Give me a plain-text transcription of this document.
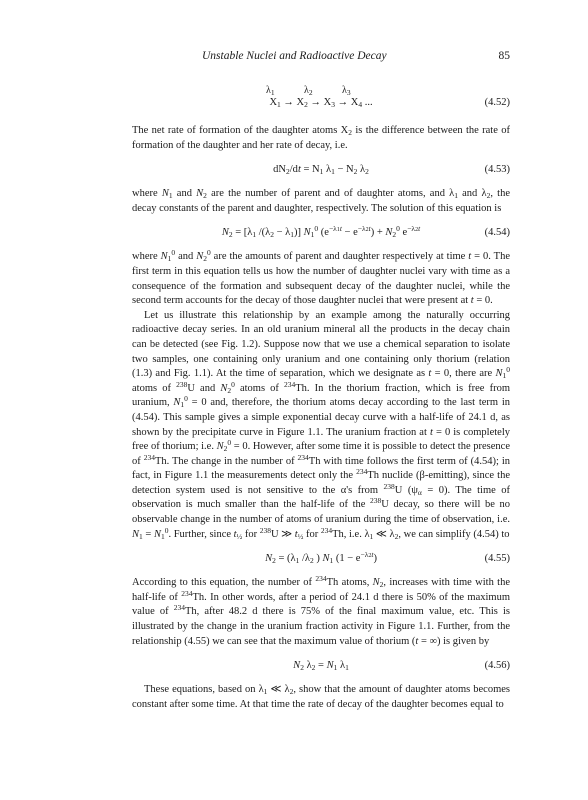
Unstable Nuclei and Radioactive Decay	85
λ1	λ2	λ3
$X_1 \to X_2 \to X_3 \to X_4$ ...	(4.52)

The net rate of formation of the daughter atoms $X_2$ is the difference between the rate of formation of the daughter and her rate of decay, i.e.

$dN_2/dt = N_1$ $\lambda_1 - N_2$ $\lambda_2$	(4.53)

where $N_1$ and $N_2$ are the number of parent and of daughter atoms, and $\lambda_1$ and $\lambda_2$, the decay constants of the parent and daughter, respectively. The solution of this equation is

$N_2 = [\lambda_1$ $/(\lambda_2 - \lambda_1)$] $N_1^0$ $(e^{-\lambda 1t} - e^{-\lambda 2t}) + N_2^0$ $e^{-\lambda 2t}$	(4.54)

where $N_1^0$ and $N_2^0$ are the amounts of parent and daughter respectively at time t = 0. The first term in this equation tells us how the number of daughter nuclei vary with time as a consequence of the formation and subsequent decay of the daughter nuclei, while the second term accounts for the decay of those daughter nuclei that were present at t = 0.

Let us illustrate this relationship by an example among the naturally occurring radioactive decay series. In an old uranium mineral all the products in the decay chain can be detected (see Fig. 1.2). Suppose now that we use a chemical separation to isolate two samples, one containing only uranium and one containing only thorium (relation (1.3) and Fig. 1.1). At the time of separation, which we designate as t = 0, there are $N_1^0$ atoms of $^{238}$U and $N_2^0$ atoms of $^{234}$Th. In the thorium fraction, which is free from uranium, $N_1^0 = 0$ and, therefore, the thorium atoms decay according to the last term in (4.54). This sample gives a simple exponential decay curve with a half-life of 24.1 d, as shown by the precipitate curve in Figure 1.1. The uranium fraction at t = 0 is completely free of thorium; i.e. $N_2^0 = 0$. However, after some time it is possible to detect the presence of $^{234}$Th. The change in the number of $^{234}$Th with time follows the first term of (4.54); in fact, in Figure 1.1 the measurements detect only the $^{234}$Th nuclide (β-emitting), since the detection system used is not sensitive to the α's from $^{238}$U $(\psi_\alpha = 0)$. The time of observation is much smaller than the half-life of the $^{238}$U decay, so there will be no observable change in the number of atoms of uranium during the time of observation, i.e. $N_1 = N_1^0$. Further, since $t_{\frac{1}{2}}$ for $^{238}$U ≫ $t_{\frac{1}{2}}$ for $^{234}$Th, i.e. $\lambda_1$ ≪ $\lambda_2$, we can simplify (4.54) to

$N_2 = (\lambda_1$ $/\lambda_2$ ) $N_1$ $(1 - e^{-\lambda 2t})$	(4.55)

According to this equation, the number of $^{234}$Th atoms, $N_2$, increases with time with the half-life of $^{234}$Th. In other words, after a period of 24.1 d there is 50% of the maximum value of $^{234}$Th, after 48.2 d there is 75% of the final maximum value, etc. This is illustrated by the change in the uranium fraction activity in Figure 1.1. Further, from the relationship (4.55) we can see that the maximum value of thorium (t = ∞) is given by

$N_2$ $\lambda_2 = N_1$ $\lambda_1$	(4.56)

These equations, based on $\lambda_1$ ≪ $\lambda_2$, show that the amount of daughter atoms becomes constant after some time. At that time the rate of decay of the daughter becomes equal to
